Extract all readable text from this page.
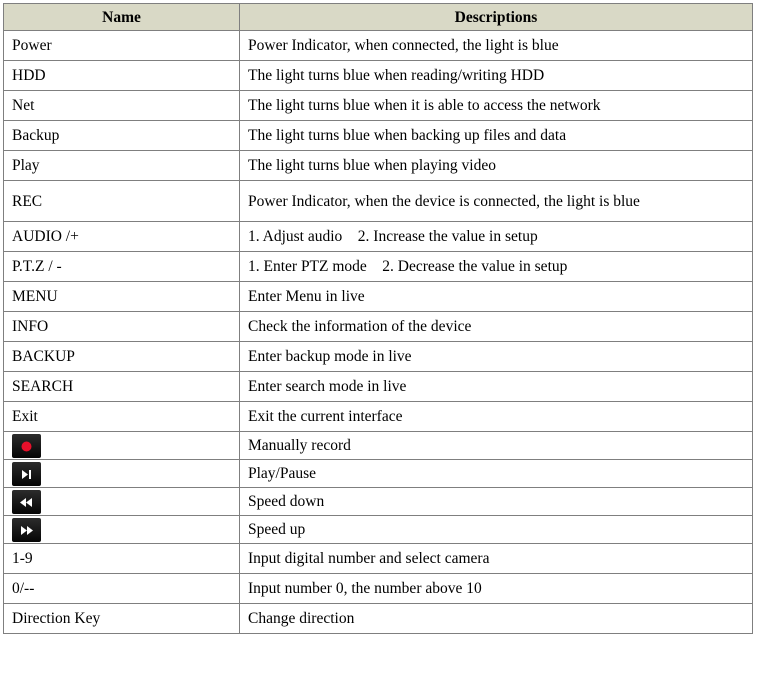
Name	Descriptions
Power	Power Indicator, when connected, the light is blue
HDD	The light turns blue when reading/writing HDD
Net	The light turns blue when it is able to access the network
Backup	The light turns blue when backing up files and data
Play	The light turns blue when playing video
REC	Power Indicator, when the device is connected, the light is blue
AUDIO /+	1. Adjust audio    2. Increase the value in setup
P.T.Z / -	1. Enter PTZ mode    2. Decrease the value in setup
MENU	Enter Menu in live
INFO	Check the information of the device
BACKUP	Enter backup mode in live
SEARCH	Enter search mode in live
Exit	Exit the current interface

	Manually record

	Play/Pause

	Speed down

	Speed up
1-9	Input digital number and select camera
0/--	Input number 0, the number above 10
Direction Key	Change direction
